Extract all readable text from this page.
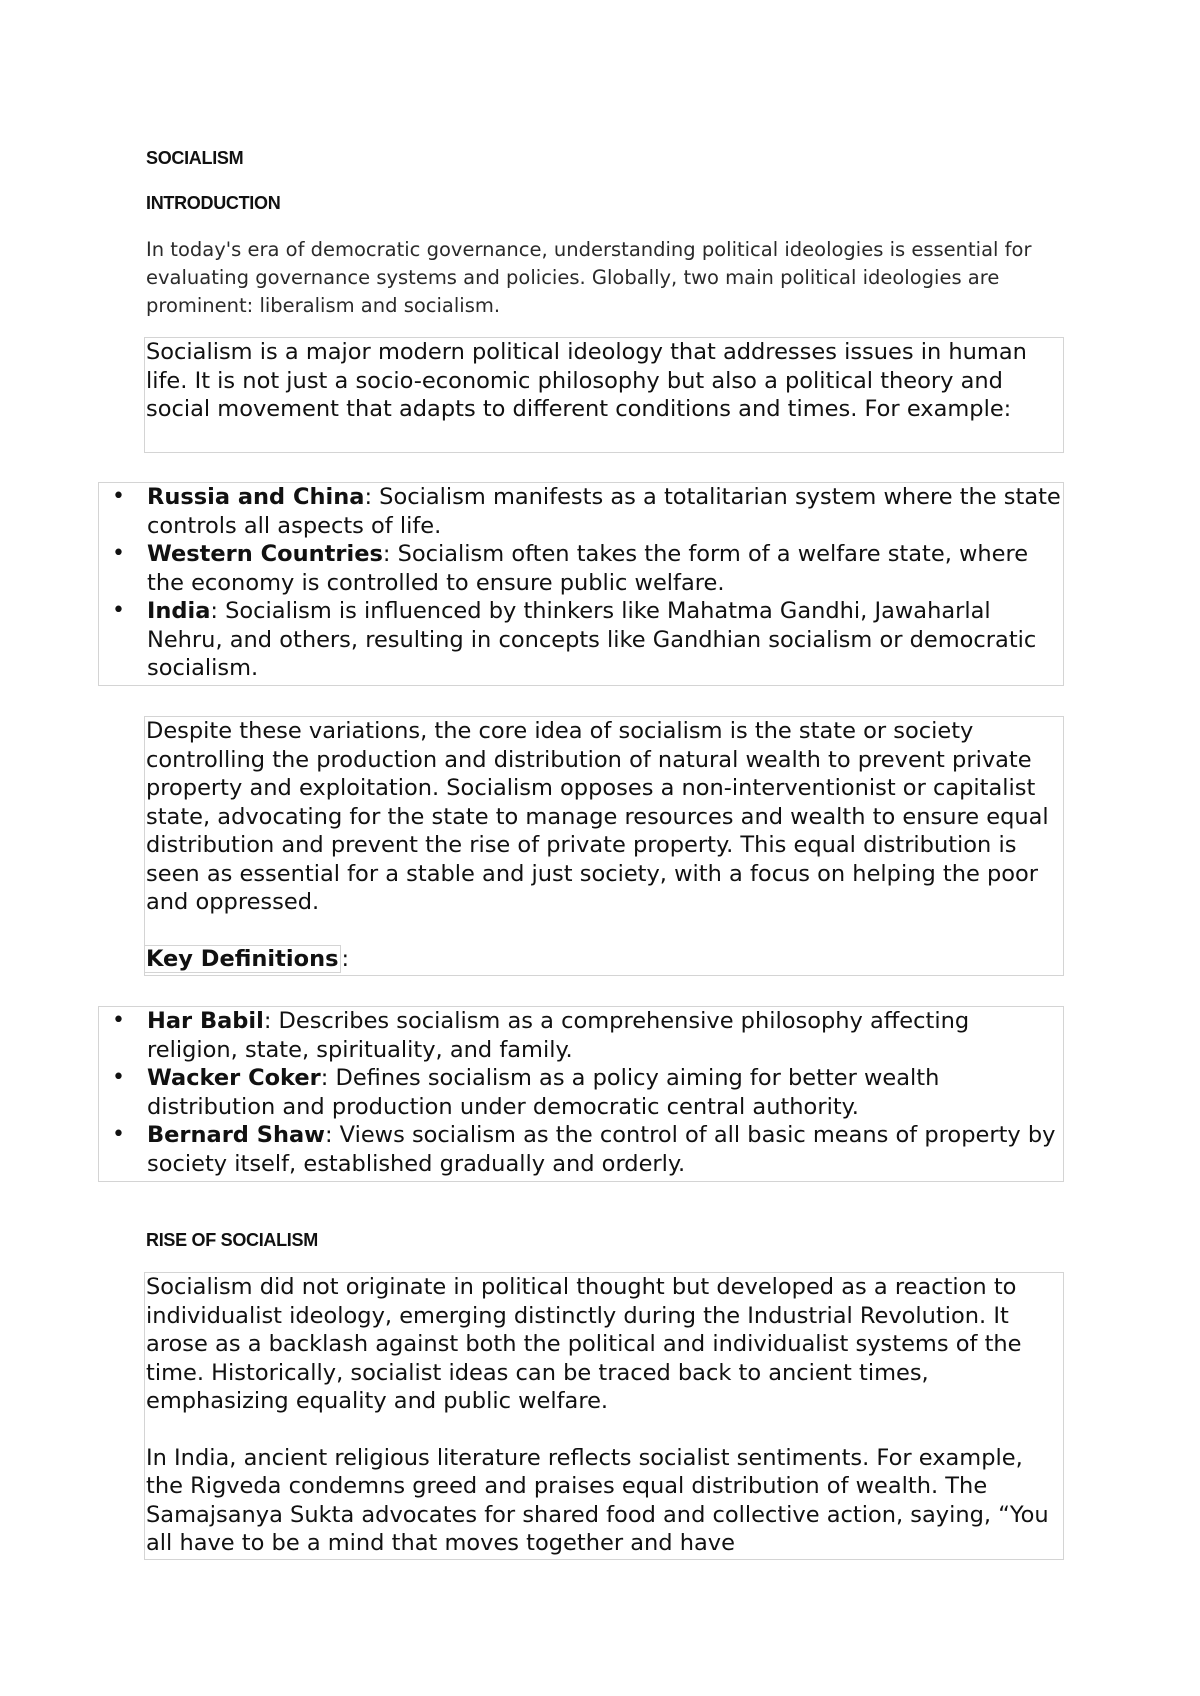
SOCIALISM
INTRODUCTION

In today's era of democratic governance, understanding political ideologies is essential for evaluating governance systems and policies. Globally, two main political ideologies are prominent: liberalism and socialism.

Socialism is a major modern political ideology that addresses issues in human life. It is not just a socio-economic philosophy but also a political theory and social movement that adapts to different conditions and times. For example:

• Russia and China: Socialism manifests as a totalitarian system where the state controls all aspects of life.
• Western Countries: Socialism often takes the form of a welfare state, where the economy is controlled to ensure public welfare.
• India: Socialism is influenced by thinkers like Mahatma Gandhi, Jawaharlal Nehru, and others, resulting in concepts like Gandhian socialism or democratic socialism.

Despite these variations, the core idea of socialism is the state or society controlling the production and distribution of natural wealth to prevent private property and exploitation. Socialism opposes a non-interventionist or capitalist state, advocating for the state to manage resources and wealth to ensure equal distribution and prevent the rise of private property. This equal distribution is seen as essential for a stable and just society, with a focus on helping the poor and oppressed.

Key Definitions :

• Har Babil: Describes socialism as a comprehensive philosophy affecting religion, state, spirituality, and family.
• Wacker Coker: Defines socialism as a policy aiming for better wealth distribution and production under democratic central authority.
• Bernard Shaw: Views socialism as the control of all basic means of property by society itself, established gradually and orderly.
RISE OF SOCIALISM

Socialism did not originate in political thought but developed as a reaction to individualist ideology, emerging distinctly during the Industrial Revolution. It arose as a backlash against both the political and individualist systems of the time. Historically, socialist ideas can be traced back to ancient times, emphasizing equality and public welfare.

In India, ancient religious literature reflects socialist sentiments. For example, the Rigveda condemns greed and praises equal distribution of wealth. The Samajsanya Sukta advocates for shared food and collective action, saying, “You all have to be a mind that moves together and have
